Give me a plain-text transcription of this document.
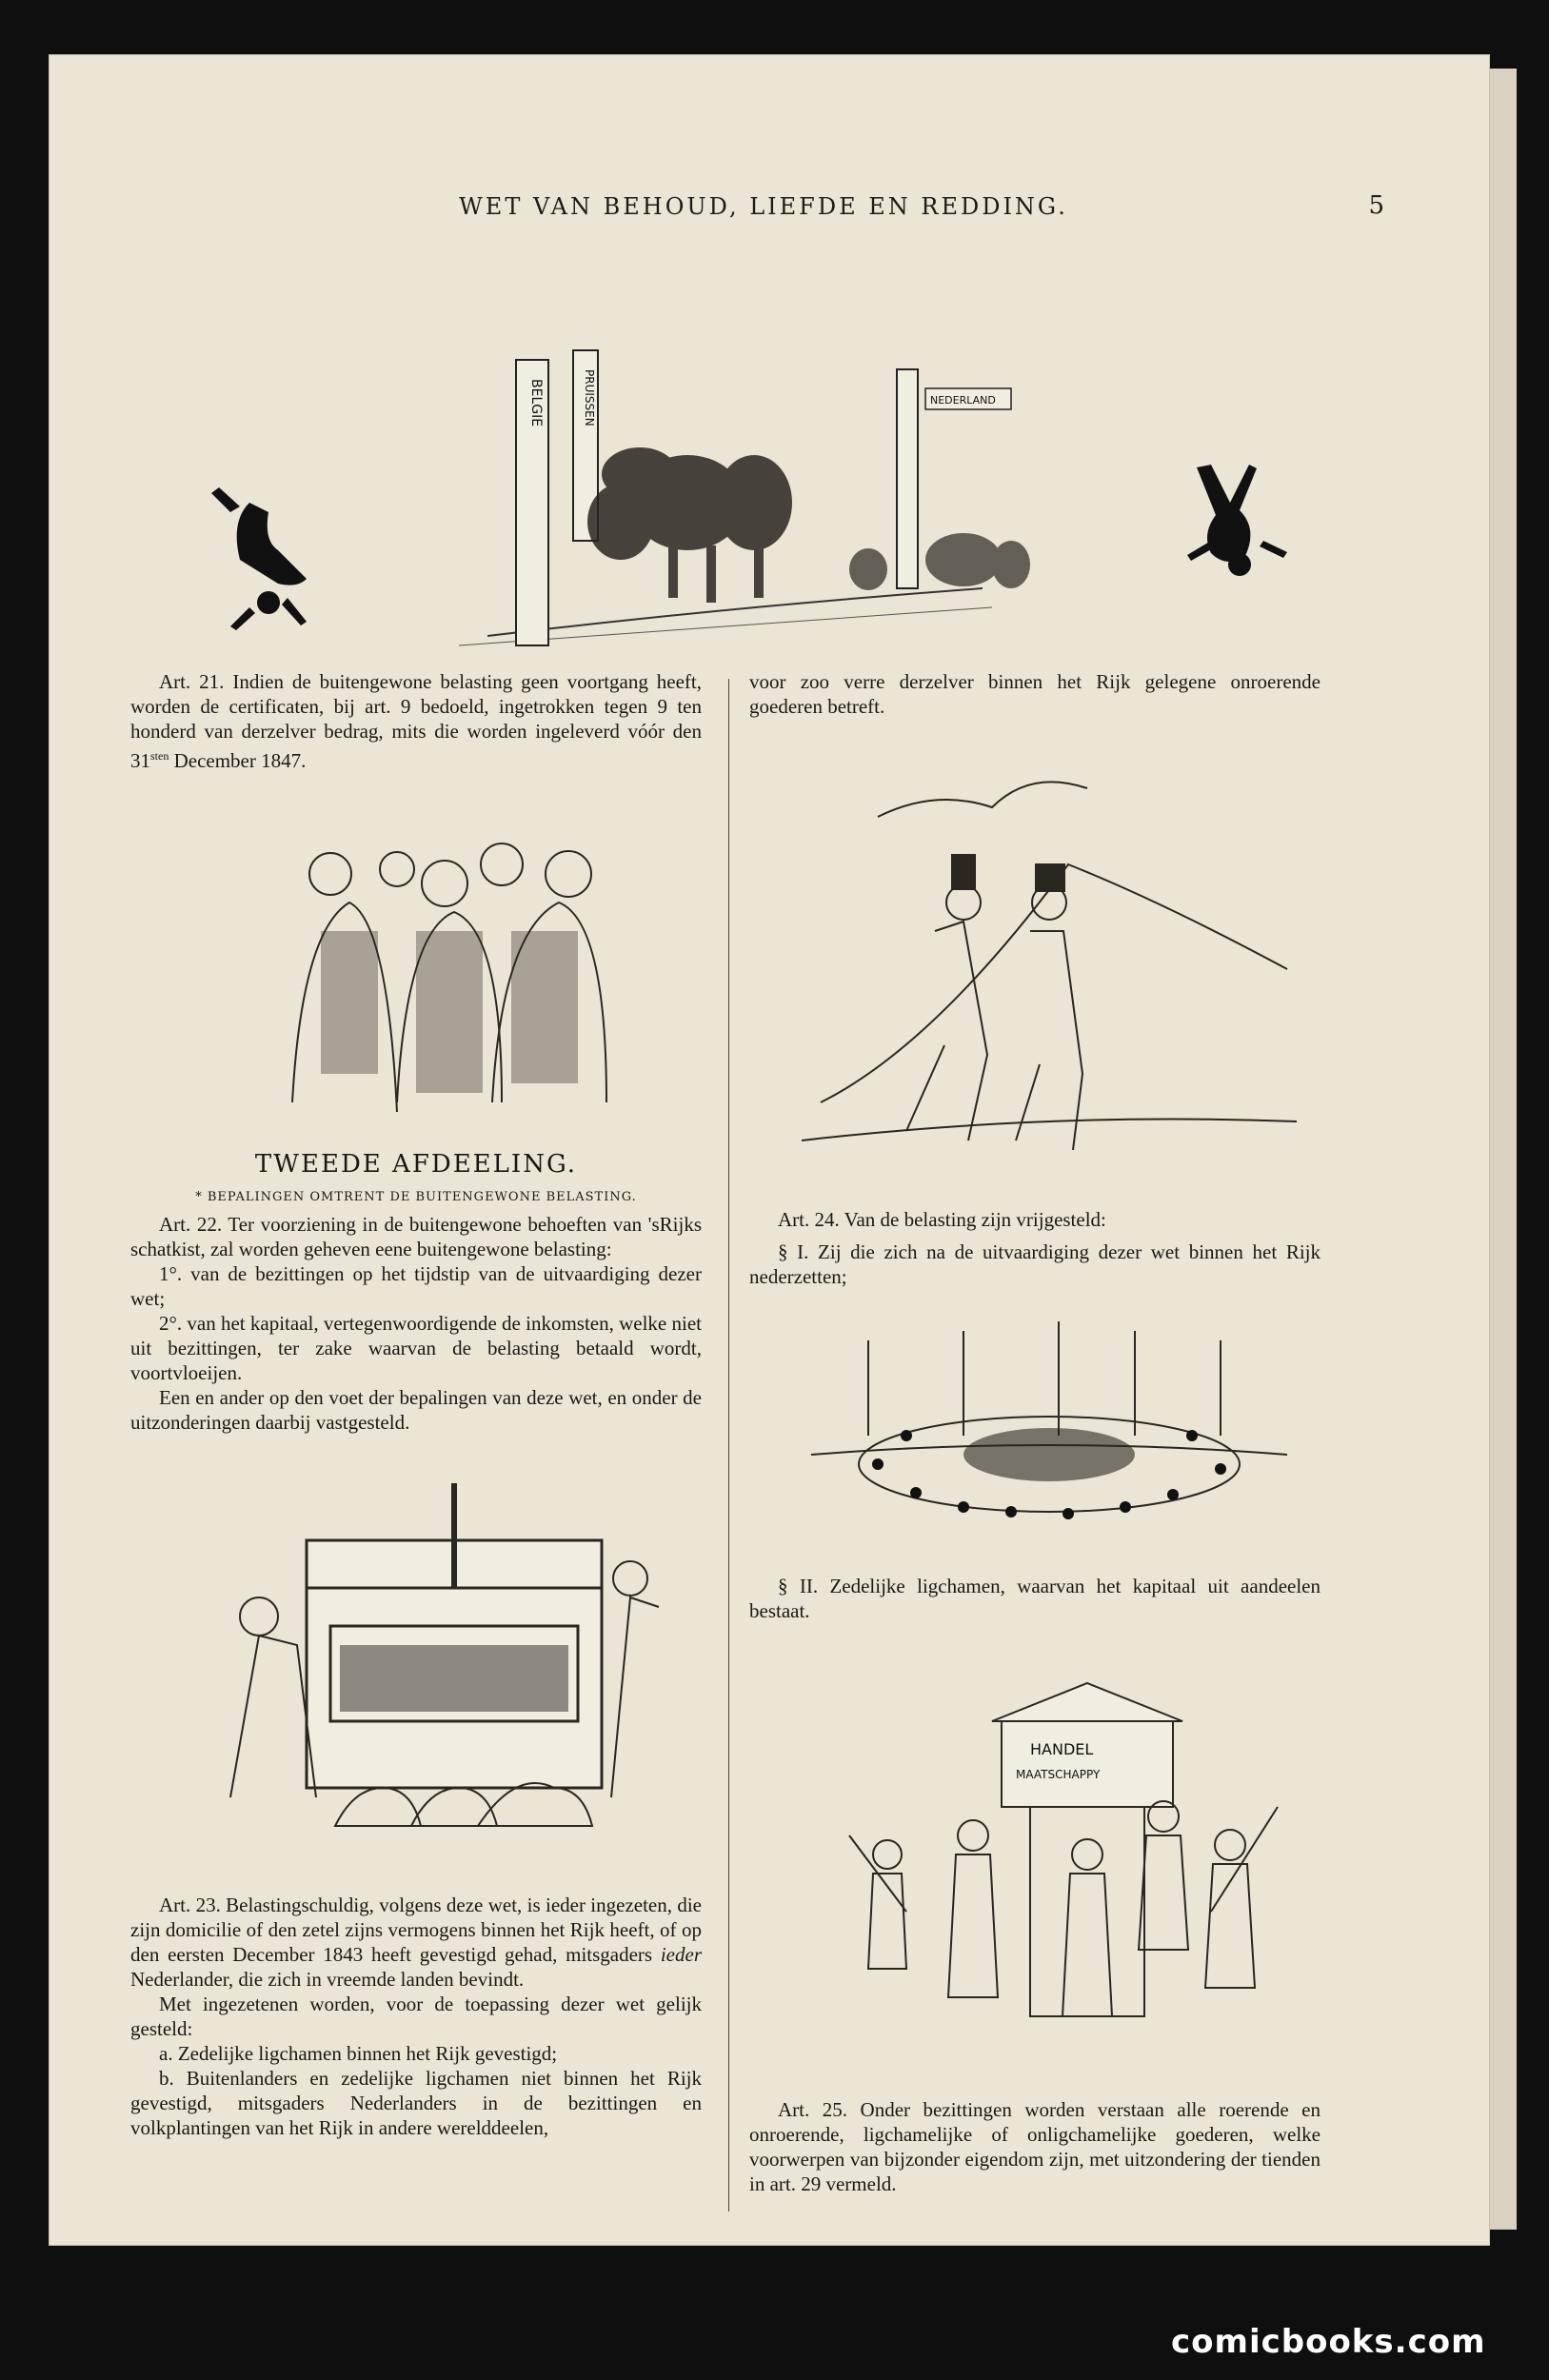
WET VAN BEHOUD, LIEFDE EN REDDING.	5
BELGIE	PRUISSEN	NEDERLAND

Art. 21. Indien de buitengewone belasting geen voortgang heeft, worden de certificaten, bij art. 9 bedoeld, ingetrokken tegen 9 ten honderd van derzelver bedrag, mits die worden ingeleverd vóór den $31^{sten}$ December 1847.

TWEEDE AFDEELING.
* BEPALINGEN OMTRENT DE BUITENGEWONE BELASTING.

Art. 22. Ter voorziening in de buitengewone behoeften van 'sRijks schatkist, zal worden geheven eene buitengewone belasting:

1°. van de bezittingen op het tijdstip van de uitvaardiging dezer wet;

2°. van het kapitaal, vertegenwoordigende de inkomsten, welke niet uit bezittingen, ter zake waarvan de belasting betaald wordt, voortvloeijen.

Een en ander op den voet der bepalingen van deze wet, en onder de uitzonderingen daarbij vastgesteld.

Art. 23. Belastingschuldig, volgens deze wet, is ieder ingezeten, die zijn domicilie of den zetel zijns vermogens binnen het Rijk heeft, of op den eersten December 1843 heeft gevestigd gehad, mitsgaders ieder Nederlander, die zich in vreemde landen bevindt.

Met ingezetenen worden, voor de toepassing dezer wet gelijk gesteld:

a. Zedelijke ligchamen binnen het Rijk gevestigd;

b. Buitenlanders en zedelijke ligchamen niet binnen het Rijk gevestigd, mitsgaders Nederlanders in de bezittingen en volkplantingen van het Rijk in andere werelddeelen,

voor zoo verre derzelver binnen het Rijk gelegene onroerende goederen betreft.

Art. 24. Van de belasting zijn vrijgesteld:

§ I. Zij die zich na de uitvaardiging dezer wet binnen het Rijk nederzetten;

§ II. Zedelijke ligchamen, waarvan het kapitaal uit aandeelen bestaat.

HANDEL
MAATSCHAPPY

Art. 25. Onder bezittingen worden verstaan alle roerende en onroerende, ligchamelijke of onligchamelijke goederen, welke voorwerpen van bijzonder eigendom zijn, met uitzondering der tienden in art. 29 vermeld.

comicbooks.com
